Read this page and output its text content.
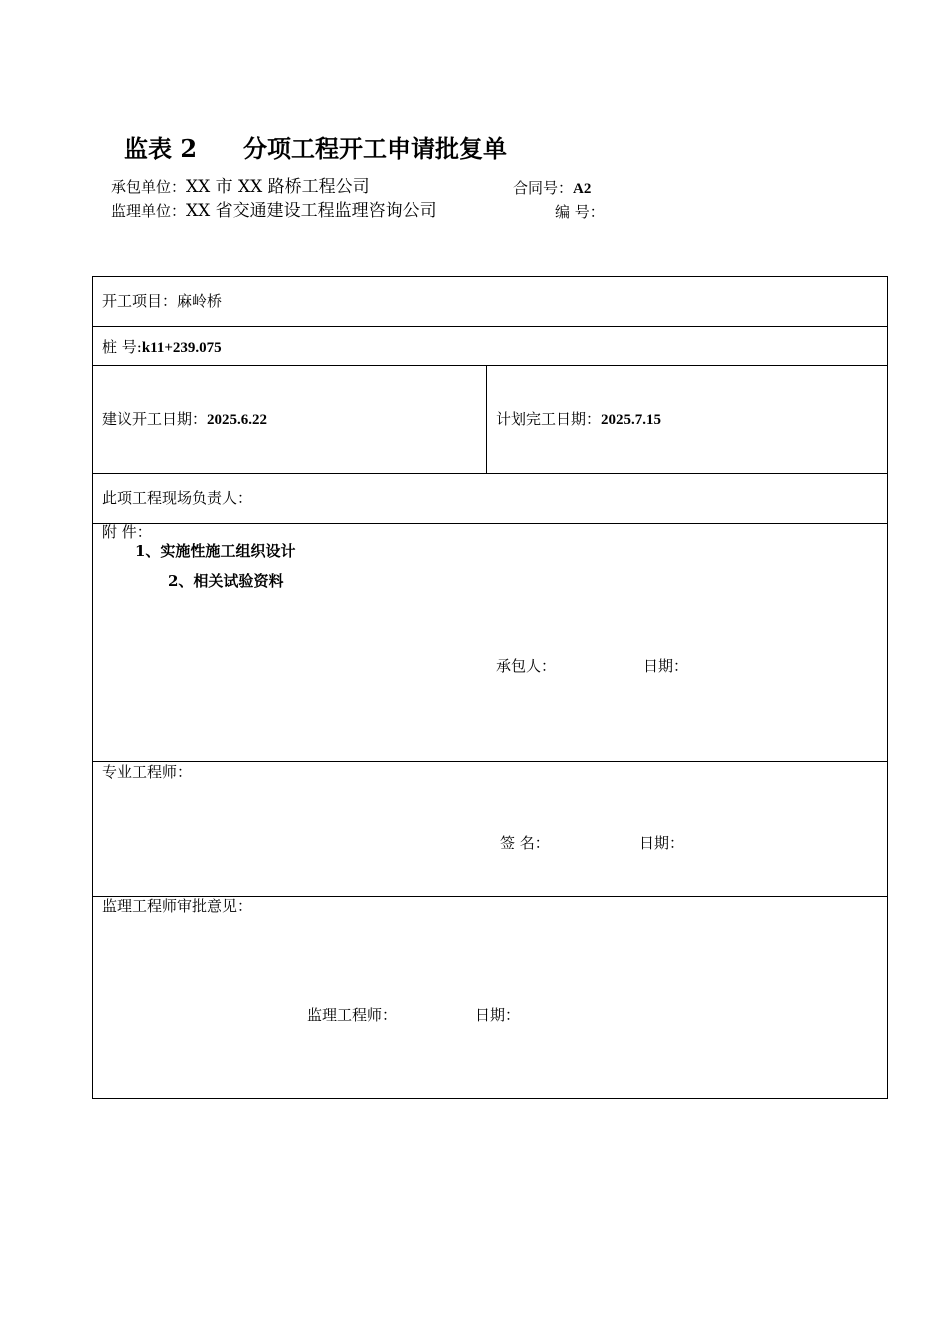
监表 2 分项工程开工申请批复单
承包单位：XX 市 XX 路桥工程公司	合同号：A2
监理单位：XX 省交通建设工程监理咨询公司	编 号：
开工项目：麻岭桥
桩 号:k11+239.075
建议开工日期：2025.6.22	计划完工日期：2025.7.15
此项工程现场负责人：
附 件：
1、实施性施工组织设计
2、相关试验资料
承包人：	日期：
专业工程师：
签 名：	日期：
监理工程师审批意见：
监理工程师：	日期：
